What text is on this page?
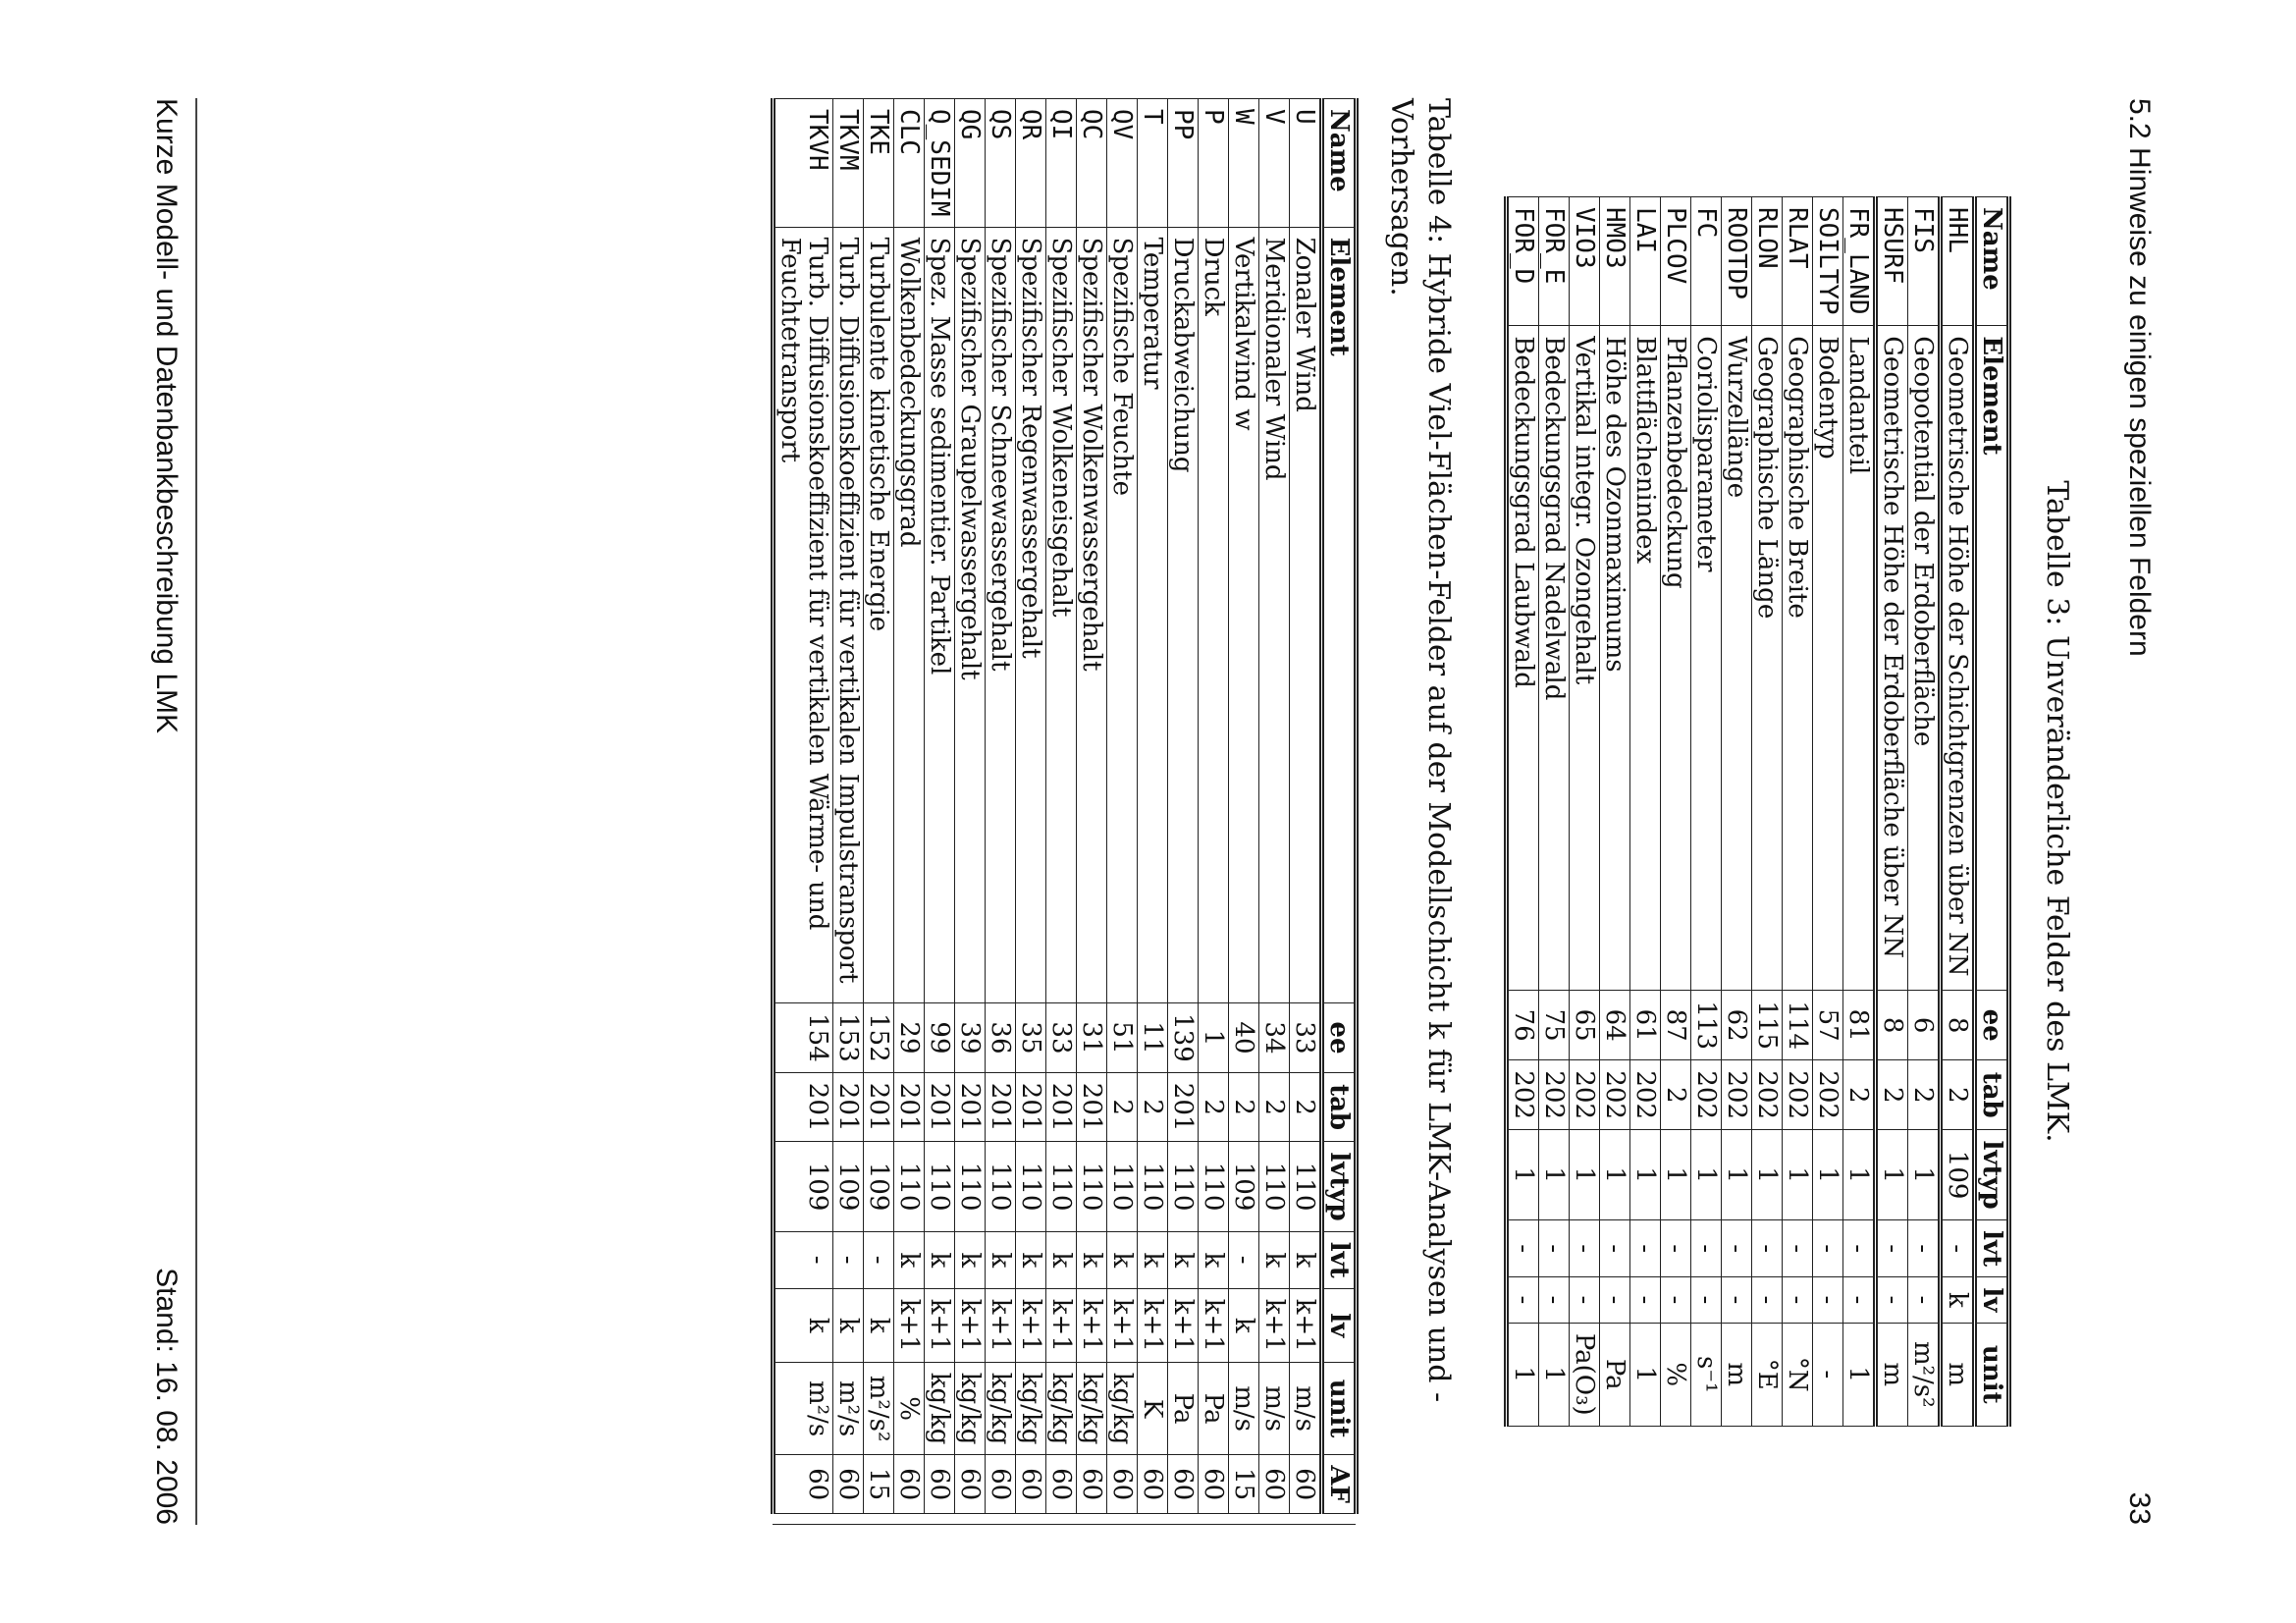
5.2 Hinweise zu einigen speziellen Feldern
33
Tabelle 3: Unveränderliche Felder des LMK.
Name	Element	ee	tab	lvtyp	lvt	lv	unit
HHL	Geometrische Höhe der Schichtgrenzen über NN	8	2	109	-	k	m
FIS	Geopotential der Erdoberfläche	6	2	1	-	-	m²/s²
HSURF	Geometrische Höhe der Erdoberfläche über NN	8	2	1	-	-	m
FR_LAND	Landanteil	81	2	1	-	-	1
SOILTYP	Bodentyp	57	202	1	-	-	-
RLAT	Geographische Breite	114	202	1	-	-	°N
RLON	Geographische Länge	115	202	1	-	-	°E
ROOTDP	Wurzellänge	62	202	1	-	-	m
FC	Coriolisparameter	113	202	1	-	-	s⁻¹
PLCOV	Pflanzenbedeckung	87	2	1	-	-	%
LAI	Blattflächenindex	61	202	1	-	-	1
HMO3	Höhe des Ozonmaximums	64	202	1	-	-	Pa
VIO3	Vertikal integr. Ozongehalt	65	202	1	-	-	Pa(O₃)
FOR_E	Bedeckungsgrad Nadelwald	75	202	1	-	-	1
FOR_D	Bedeckungsgrad Laubwald	76	202	1	-	-	1
Tabelle 4: Hybride Viel-Flächen-Felder auf der Modellschicht k für LMK-Analysen und -Vorhersagen.
Name	Element	ee	tab	lvtyp	lvt	lv	unit	AF	
U	Zonaler Wind	33	2	110	k	k+1	m/s	60	
V	Meridionaler Wind	34	2	110	k	k+1	m/s	60	
W	Vertikalwind w	40	2	109	-	k	m/s	15	
P	Druck	1	2	110	k	k+1	Pa	60	
PP	Druckabweichung	139	201	110	k	k+1	Pa	60	
T	Temperatur	11	2	110	k	k+1	K	60	
QV	Spezifische Feuchte	51	2	110	k	k+1	kg/kg	60	
QC	Spezifischer Wolkenwassergehalt	31	201	110	k	k+1	kg/kg	60	
QI	Spezifischer Wolkeneisgehalt	33	201	110	k	k+1	kg/kg	60	
QR	Spezifischer Regenwassergehalt	35	201	110	k	k+1	kg/kg	60	
QS	Spezifischer Schneewassergehalt	36	201	110	k	k+1	kg/kg	60	
QG	Spezifischer Graupelwassergehalt	39	201	110	k	k+1	kg/kg	60	
Q_SEDIM	Spez. Masse sedimentier. Partikel	99	201	110	k	k+1	kg/kg	60	
CLC	Wolkenbedeckungsgrad	29	201	110	k	k+1	%	60	
TKE	Turbulente kinetische Energie	152	201	109	-	k	m²/s²	15	
TKVM	Turb. Diffusionskoeffizient für vertikalen Impulstransport	153	201	109	-	k	m²/s	60	
TKVH	Turb. Diffusionskoeffizient für vertikalen Wärme- und Feuchtetransport	154	201	109	-	k	m²/s	60	
Kurze Modell- und Datenbankbeschreibung LMK
Stand: 16. 08. 2006
